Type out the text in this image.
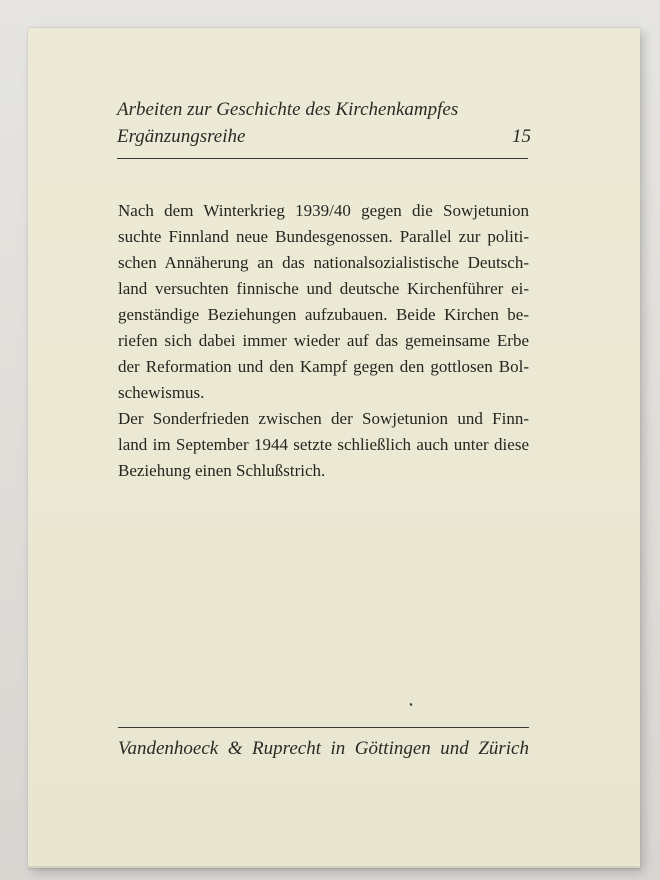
Arbeiten zur Geschichte des Kirchenkampfes
Ergänzungsreihe	15
Nach dem Winterkrieg 1939/40 gegen die Sowjetunion
suchte Finnland neue Bundesgenossen. Parallel zur politi-
schen Annäherung an das nationalsozialistische Deutsch-
land versuchten finnische und deutsche Kirchenführer ei-
genständige Beziehungen aufzubauen. Beide Kirchen be-
riefen sich dabei immer wieder auf das gemeinsame Erbe
der Reformation und den Kampf gegen den gottlosen Bol-
schewismus.
Der Sonderfrieden zwischen der Sowjetunion und Finn-
land im September 1944 setzte schließlich auch unter diese
Beziehung einen Schlußstrich.
Vandenhoeck & Ruprecht in Göttingen und Zürich
